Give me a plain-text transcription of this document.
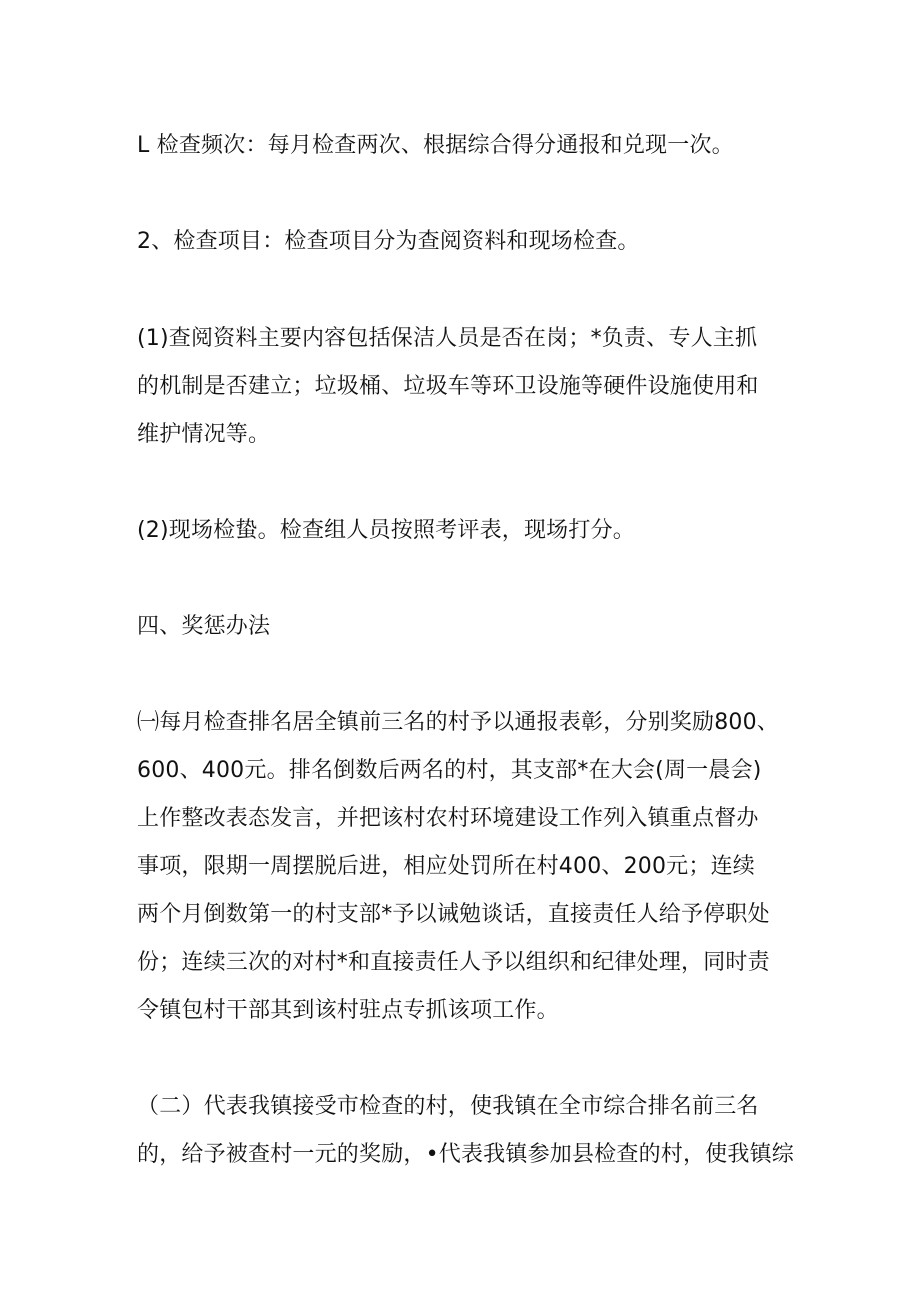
L 检查频次：每月检查两次、根据综合得分通报和兑现一次。
2、检查项目：检查项目分为查阅资料和现场检查。
(1)查阅资料主要内容包括保洁人员是否在岗；*负责、专人主抓
的机制是否建立；垃圾桶、垃圾车等环卫设施等硬件设施使用和
维护情况等。
(2)现场检蛰。检查组人员按照考评表，现场打分。
四、奖惩办法
㈠每月检查排名居全镇前三名的村予以通报表彰，分别奖励800、
600、400元。排名倒数后两名的村，其支部*在大会(周一晨会)
上作整改表态发言，并把该村农村环境建设工作列入镇重点督办
事项，限期一周摆脱后进，相应处罚所在村400、200元；连续
两个月倒数第一的村支部*予以诫勉谈话，直接责任人给予停职处
份；连续三次的对村*和直接责任人予以组织和纪律处理，同时责
令镇包村干部其到该村驻点专抓该项工作。
（二）代表我镇接受市检查的村，使我镇在全市综合排名前三名
的，给予被查村一元的奖励，•代表我镇参加县检查的村，使我镇综
